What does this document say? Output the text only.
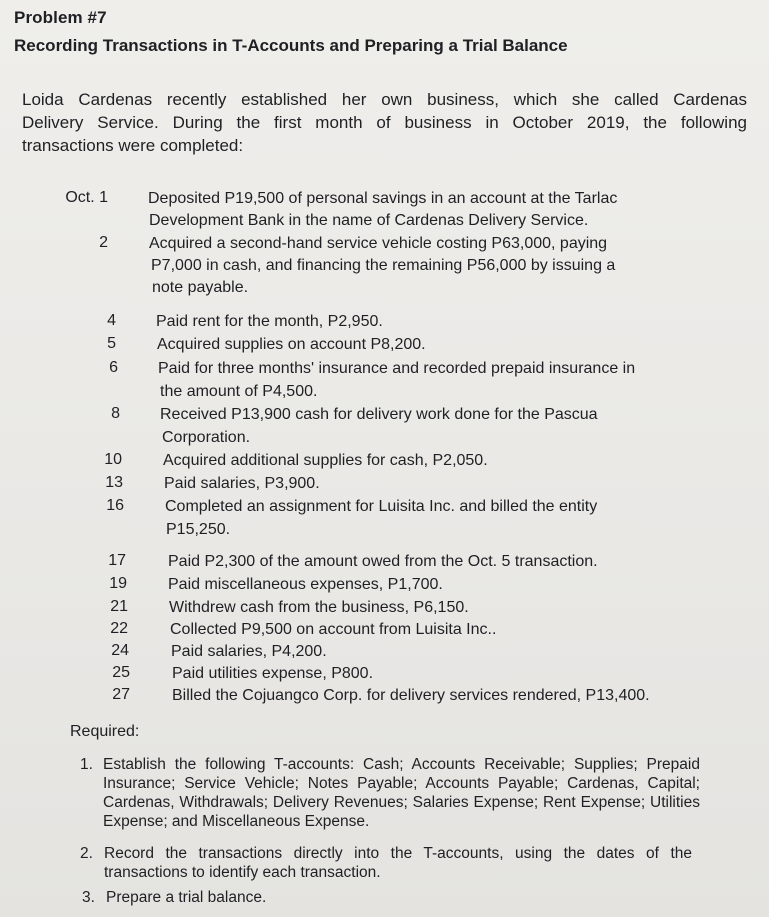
Problem #7
Recording Transactions in T-Accounts and Preparing a Trial Balance
Loida Cardenas recently established her own business, which she called Cardenas
Delivery Service. During the first month of business in October 2019, the following
transactions were completed:
Oct. 1	Deposited P19,500 of personal savings in an account at the Tarlac
Development Bank in the name of Cardenas Delivery Service.
2	Acquired a second-hand service vehicle costing P63,000, paying
P7,000 in cash, and financing the remaining P56,000 by issuing a
note payable.
4	Paid rent for the month, P2,950.
5	Acquired supplies on account P8,200.
6	Paid for three months' insurance and recorded prepaid insurance in
the amount of P4,500.
8	Received P13,900 cash for delivery work done for the Pascua
Corporation.
10	Acquired additional supplies for cash, P2,050.
13	Paid salaries, P3,900.
16	Completed an assignment for Luisita Inc. and billed the entity
P15,250.
17	Paid P2,300 of the amount owed from the Oct. 5 transaction.
19	Paid miscellaneous expenses, P1,700.
21	Withdrew cash from the business, P6,150.
22	Collected P9,500 on account from Luisita Inc..
24	Paid salaries, P4,200.
25	Paid utilities expense, P800.
27	Billed the Cojuangco Corp. for delivery services rendered, P13,400.
Required:
1. Establish the following T-accounts: Cash; Accounts Receivable; Supplies; Prepaid
Insurance; Service Vehicle; Notes Payable; Accounts Payable; Cardenas, Capital;
Cardenas, Withdrawals; Delivery Revenues; Salaries Expense; Rent Expense; Utilities
Expense; and Miscellaneous Expense.
2. Record the transactions directly into the T-accounts, using the dates of the
transactions to identify each transaction.
3. Prepare a trial balance.
